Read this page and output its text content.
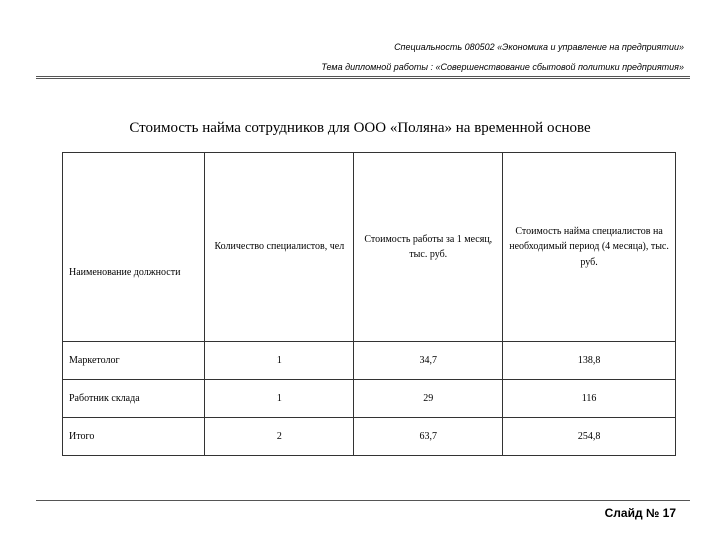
Специальность 080502 «Экономика и управление на предприятии»
Тема дипломной работы : «Совершенствование сбытовой политики предприятия»
Стоимость найма сотрудников для ООО «Поляна» на временной основе
Наименование должности	Количество специалистов, чел	Стоимость работы за 1 месяц, тыс. руб.	Стоимость найма специалистов на необходимый период (4 месяца), тыс. руб.
Маркетолог	1	34,7	138,8
Работник склада	1	29	116
Итого	2	63,7	254,8
Слайд № 17
